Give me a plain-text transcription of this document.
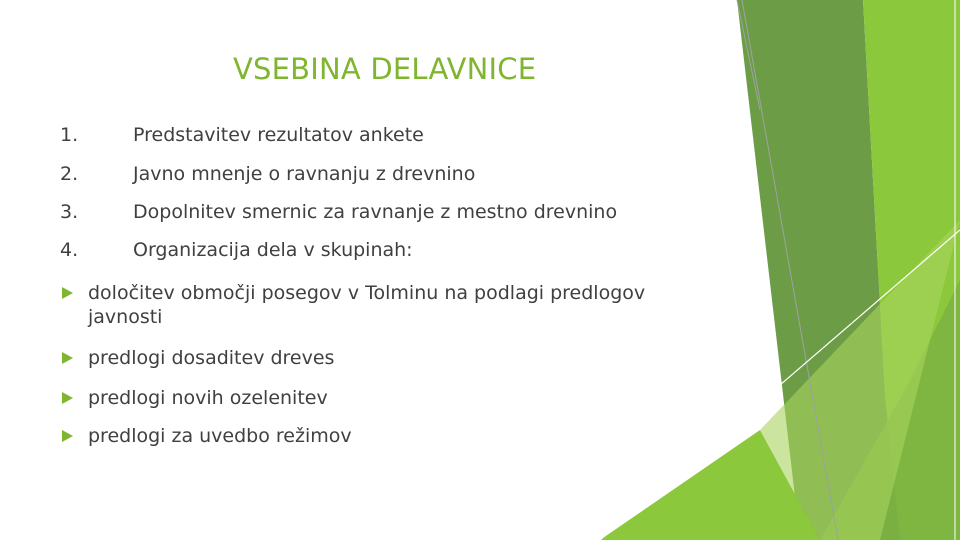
VSEBINA DELAVNICE
1.	Predstavitev rezultatov ankete
2.	Javno mnenje o ravnanju z drevnino
3.	Dopolnitev smernic za ravnanje z mestno drevnino
4.	Organizacija dela v skupinah:
določitev območji posegov v Tolminu na podlagi predlogov
javnosti
predlogi dosaditev dreves
predlogi novih ozelenitev
predlogi za uvedbo režimov
